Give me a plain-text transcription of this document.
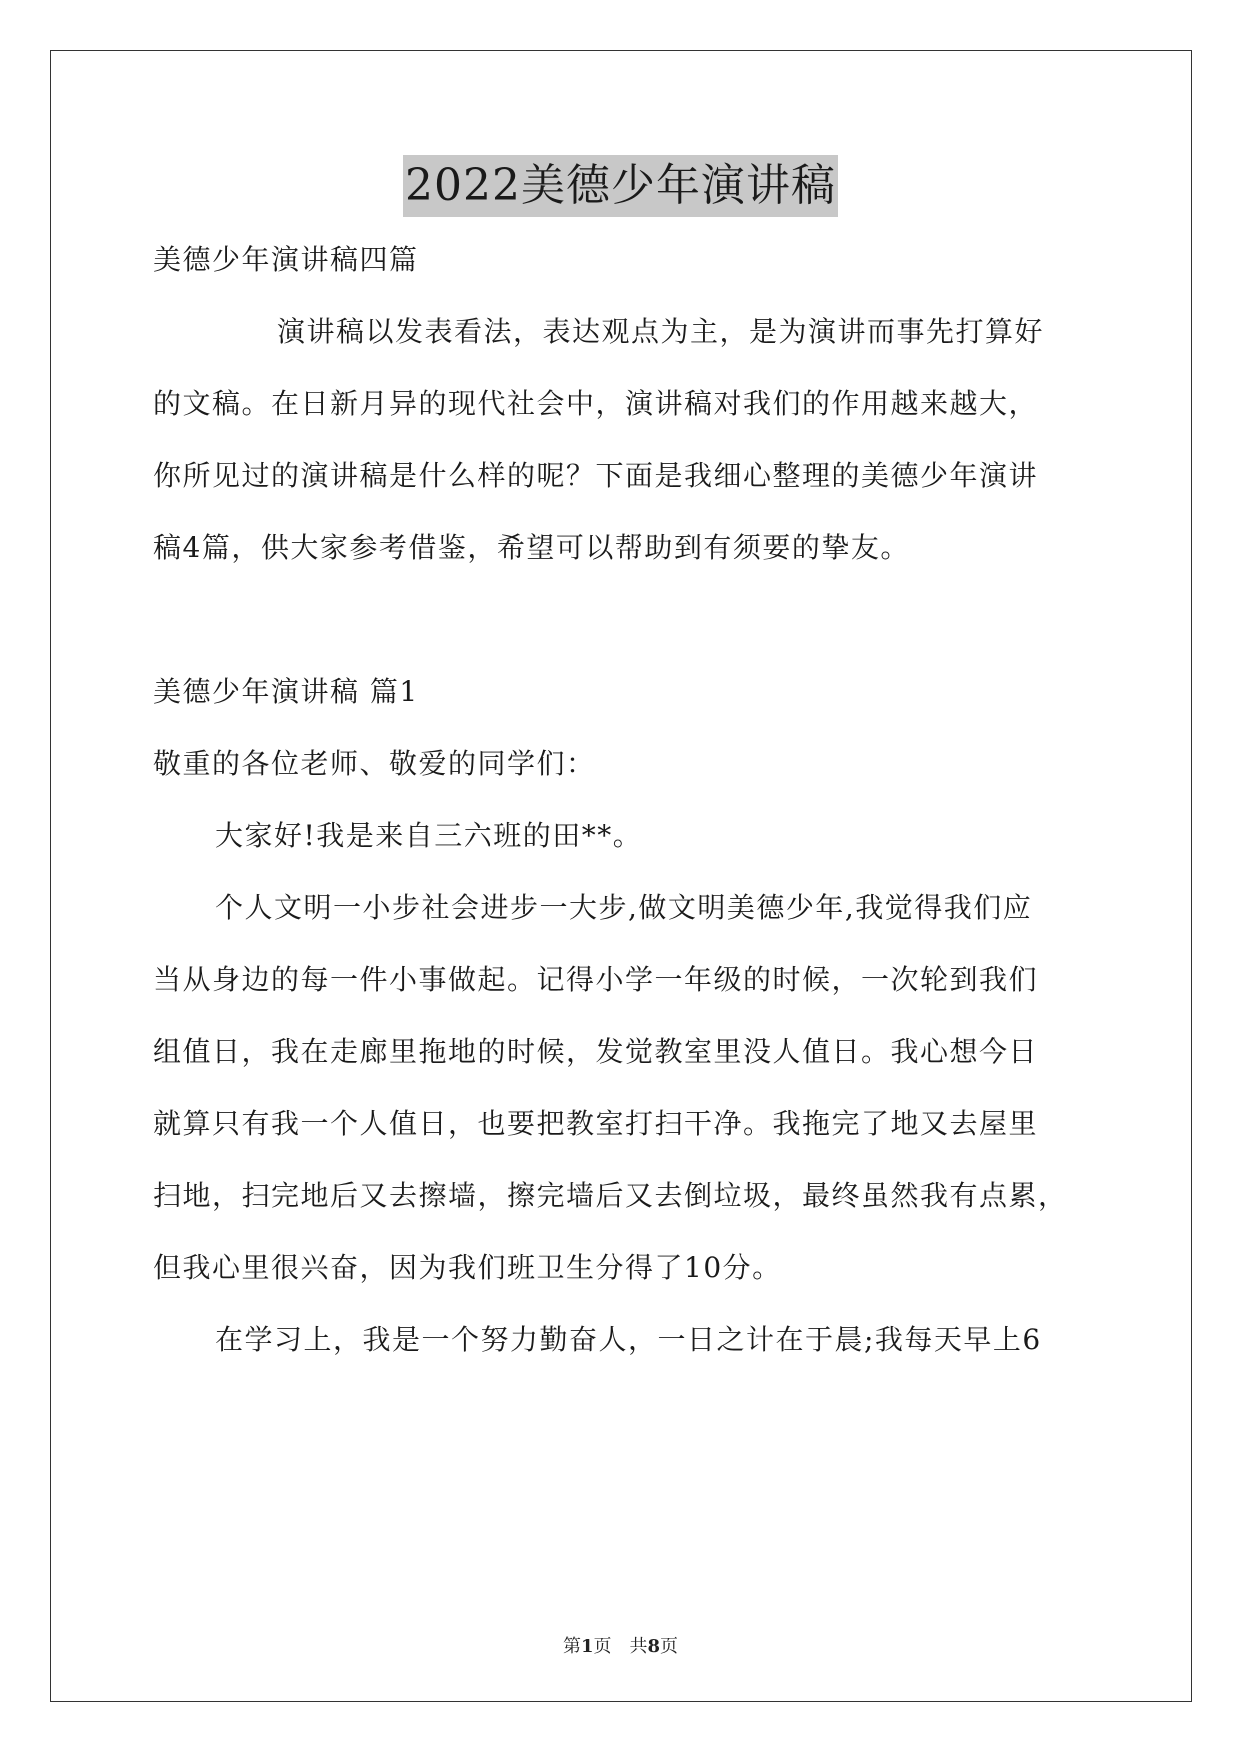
2022美德少年演讲稿
美德少年演讲稿四篇
演讲稿以发表看法，表达观点为主，是为演讲而事先打算好
的文稿。在日新月异的现代社会中，演讲稿对我们的作用越来越大，
你所见过的演讲稿是什么样的呢？下面是我细心整理的美德少年演讲
稿4篇，供大家参考借鉴，希望可以帮助到有须要的挚友。
美德少年演讲稿 篇1
敬重的各位老师、敬爱的同学们：
大家好!我是来自三六班的田**。
个人文明一小步社会进步一大步,做文明美德少年,我觉得我们应
当从身边的每一件小事做起。记得小学一年级的时候，一次轮到我们
组值日，我在走廊里拖地的时候，发觉教室里没人值日。我心想今日
就算只有我一个人值日，也要把教室打扫干净。我拖完了地又去屋里
扫地，扫完地后又去擦墙，擦完墙后又去倒垃圾，最终虽然我有点累，
但我心里很兴奋，因为我们班卫生分得了10分。
在学习上，我是一个努力勤奋人，一日之计在于晨;我每天早上6
第1页　共8页
